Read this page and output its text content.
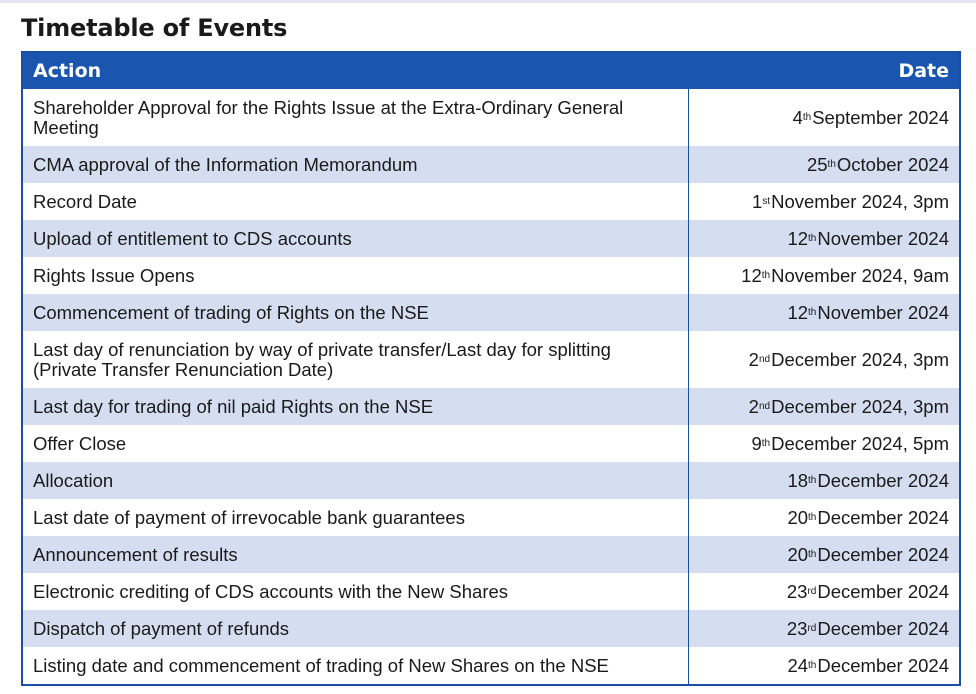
Timetable of Events
Action	Date
Shareholder Approval for the Rights Issue at the Extra-Ordinary General Meeting	4 th September 2024
CMA approval of the Information Memorandum	25 th October 2024
Record Date	1 st November 2024, 3pm
Upload of entitlement to CDS accounts	12 th November 2024
Rights Issue Opens	12 th November 2024, 9am
Commencement of trading of Rights on the NSE	12 th November 2024
Last day of renunciation by way of private transfer/Last day for splitting (Private Transfer Renunciation Date)	2 nd December 2024, 3pm
Last day for trading of nil paid Rights on the NSE	2 nd December 2024, 3pm
Offer Close	9 th December 2024, 5pm
Allocation	18 th December 2024
Last date of payment of irrevocable bank guarantees	20 th December 2024
Announcement of results	20 th December 2024
Electronic crediting of CDS accounts with the New Shares	23 rd December 2024
Dispatch of payment of refunds	23 rd December 2024
Listing date and commencement of trading of New Shares on the NSE	24 th December 2024
